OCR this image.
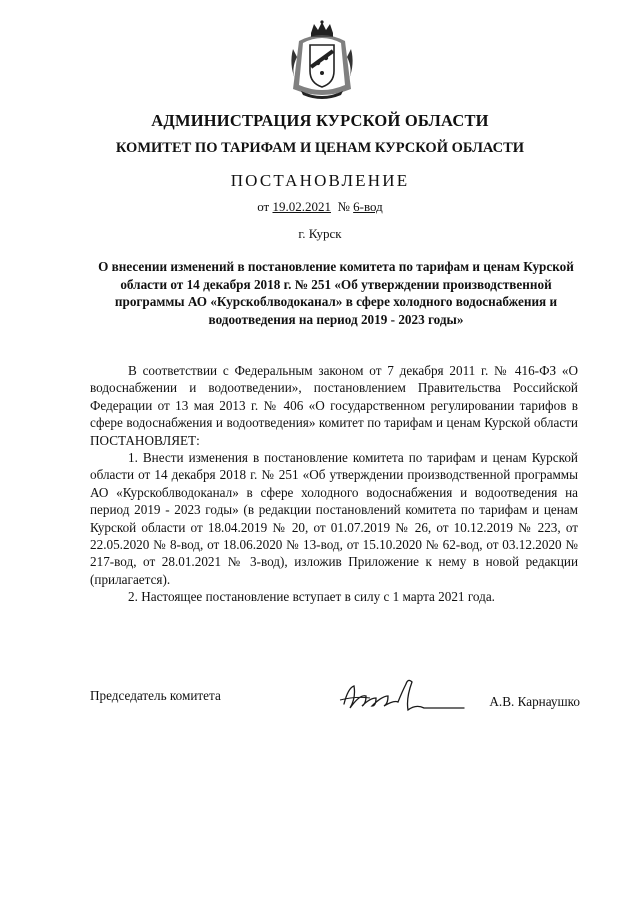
АДМИНИСТРАЦИЯ КУРСКОЙ ОБЛАСТИ
КОМИТЕТ ПО ТАРИФАМ И ЦЕНАМ КУРСКОЙ ОБЛАСТИ
ПОСТАНОВЛЕНИЕ
от 19.02.2021 № 6-вод
г. Курск
О внесении изменений в постановление комитета по тарифам и ценам Курской области от 14 декабря 2018 г. № 251 «Об утверждении производственной программы АО «Курскоблводоканал» в сфере холодного водоснабжения и водоотведения на период 2019 - 2023 годы»

В соответствии с Федеральным законом от 7 декабря 2011 г. № 416-ФЗ «О водоснабжении и водоотведении», постановлением Правительства Российской Федерации от 13 мая 2013 г. № 406 «О государственном регулировании тарифов в сфере водоснабжения и водоотведения» комитет по тарифам и ценам Курской области ПОСТАНОВЛЯЕТ:

1. Внести изменения в постановление комитета по тарифам и ценам Курской области от 14 декабря 2018 г. № 251 «Об утверждении производственной программы АО «Курскоблводоканал» в сфере холодного водоснабжения и водоотведения на период 2019 - 2023 годы» (в редакции постановлений комитета по тарифам и ценам Курской области от 18.04.2019 № 20, от 01.07.2019 № 26, от 10.12.2019 № 223, от 22.05.2020 № 8-вод, от 18.06.2020 № 13-вод, от 15.10.2020 № 62-вод, от 03.12.2020 № 217-вод, от 28.01.2021 № 3-вод), изложив Приложение к нему в новой редакции (прилагается).

2. Настоящее постановление вступает в силу с 1 марта 2021 года.

Председатель комитета	А.В. Карнаушко
